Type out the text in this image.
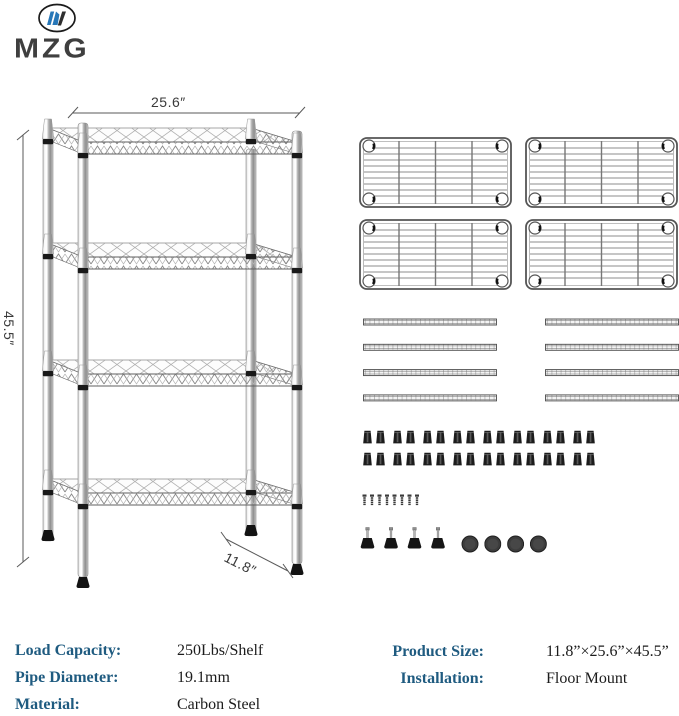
MZG
25.6″
45.5″
11.8″
Load Capacity:	250Lbs/Shelf
Pipe Diameter:	19.1mm
Material:	Carbon Steel
Product Size:	11.8”×25.6”×45.5”
Installation:	Floor Mount
